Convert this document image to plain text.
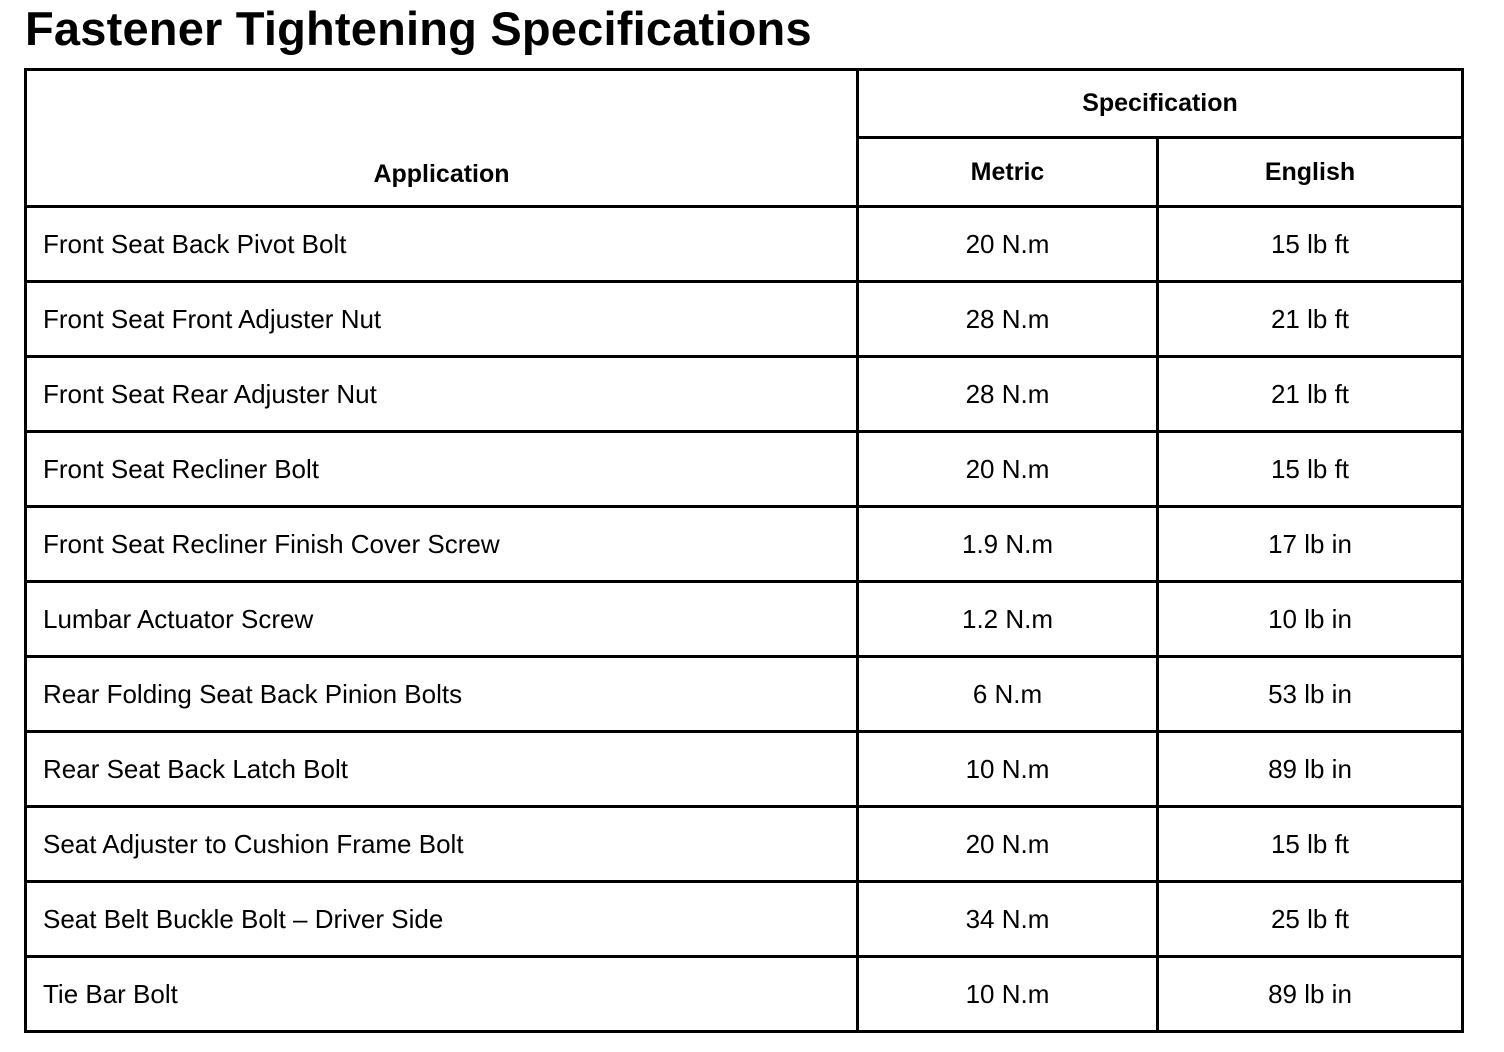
Fastener Tightening Specifications
Application	Specification	
	Metric	English
Front Seat Back Pivot Bolt	20 N.m	15 lb ft
Front Seat Front Adjuster Nut	28 N.m	21 lb ft
Front Seat Rear Adjuster Nut	28 N.m	21 lb ft
Front Seat Recliner Bolt	20 N.m	15 lb ft
Front Seat Recliner Finish Cover Screw	1.9 N.m	17 lb in
Lumbar Actuator Screw	1.2 N.m	10 lb in
Rear Folding Seat Back Pinion Bolts	6 N.m	53 lb in
Rear Seat Back Latch Bolt	10 N.m	89 lb in
Seat Adjuster to Cushion Frame Bolt	20 N.m	15 lb ft
Seat Belt Buckle Bolt – Driver Side	34 N.m	25 lb ft
Tie Bar Bolt	10 N.m	89 lb in
